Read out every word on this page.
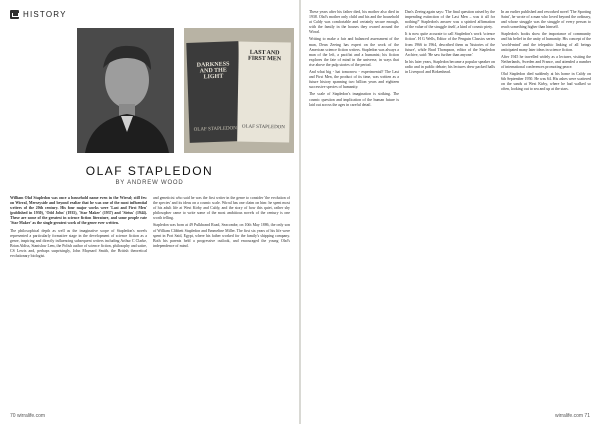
HISTORY
DARKNESS AND THE LIGHT
OLAF STAPLEDON
LAST AND FIRST MEN
OLAF STAPLEDON
OLAF STAPLEDON
BY ANDREW WOOD

William Olaf Stapledon was once a household name even in the Wirral; still few on Wirral, Merseyside and beyond realize that he was one of the most influential writers of the 20th century. His four major works were 'Last and First Men' (published in 1930), 'Odd John' (1935), 'Star Maker' (1937) and 'Sirius' (1944). These are some of the greatest in science fiction literature, and some people rate 'Star Maker' as the single greatest work of the genre ever written.

The philosophical depth as well as the imaginative scope of Stapledon's novels represented a particularly formative stage in the development of science fiction as a genre, inspiring and directly influencing subsequent writers including Arthur C Clarke, Brian Aldiss, Stanislaw Lem, the Polish author of science fiction, philosophy and satire, CS Lewis and, perhaps surprisingly, John Maynard Smith, the British theoretical evolutionary biologist.

and geneticist who said he was the first writer in the genre to consider 'the evolution of the species' and its ideas on a cosmic scale. Wirral has one claim on him: he spent most of his adult life at West Kirby and Caldy, and the story of how this quiet, rather shy philosopher came to write some of the most ambitious novels of the century is one worth telling.

Stapledon was born at 49 Pulkbrand Road, Seacombe, on 10th May 1886, the only son of William Clibbett Stapledon and Emmeline Miller. The first six years of his life were spent in Port Said, Egypt, where his father worked for the family's shipping company. Both his parents held a progressive outlook, and encouraged the young Olaf's independence of mind.

70 wirralife.com

These years after his father died, his mother also died in 1938. Olaf's mother only child and his and the household at Caldy was comfortable and certainly secure enough, with the family in the houses they owned around the Wirral.

Writing to make a fair and balanced assessment of the man, Dean Zeeing has expert on the work of the American science fiction writers. Stapledon was always a man of the left, a pacifist and a humanist; his fiction explores the fate of mind in the universe, in ways that rise above the pulp stories of the period.

And what big - hat tomorrow - experimental? The Last and First Men, the product of its time, was written as a future history spanning two billion years and eighteen successive species of humanity.

The scale of Stapledon's imagination is striking. The cosmic question and implication of the human future is laid out across the ages in careful detail.

Dan's Zeeing again says: 'The final question raised by the impending extinction of the Last Men – was it all for nothing?' Stapledon's answer was a spirited affirmation of the value of the struggle itself, a kind of cosmic piety.

It is now quite accurate to call Stapledon's work 'science fiction'. H G Wells, Editor of the Penguin Classics series from 1966 to 1964, described them as 'histories of the future', while Brad Thompson, editor of the Stapledon Archive, said: 'He saw further than anyone.'

In his later years, Stapledon became a popular speaker on radio and in public debate; his lectures drew packed halls in Liverpool and Birkenhead.

In an earlier published and reworked novel 'The Sporting Saint', he wrote of a man who loved beyond the ordinary, and whose struggle was the struggle of every person to reach something higher than himself.

Stapledon's books show the importance of community and his belief in the unity of humanity. His concept of the 'world-mind' and the telepathic linking of all beings anticipated many later ideas in science fiction.

After 1945 he travelled widely as a lecturer, visiting the Netherlands, Sweden and France, and attended a number of international conferences promoting peace.

Olaf Stapledon died suddenly at his home in Caldy on 6th September 1950. He was 64. His ashes were scattered on the sands at West Kirby, where he had walked so often, looking out to sea and up at the stars.

wirralife.com 71
